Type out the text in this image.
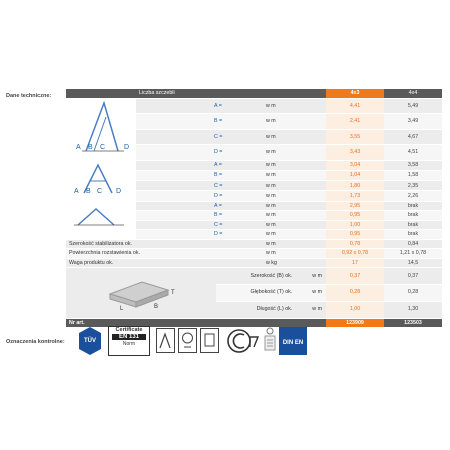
Dane techniczne:
		Liczba szczebli		4x3	4x4

A B C D	A =	w m	4,41	5,49
	B =	w m	2,41	3,49
	C =	w m	3,55	4,67
	D =	w m	3,43	4,51

A B C D	A =	w m	3,04	3,58
	B =	w m	1,04	1,58
	C =	w m	1,80	2,35
	D =	w m	1,73	2,26
	A =	w m	2,95	brak
	B =	w m	0,95	brak
	C =	w m	1,00	brak
	D =	w m	0,95	brak
Szerokość stabilizatora ok.		w m	0,78	0,84
Powierzchnia rozstawienia ok.		w m	0,92 x 0,78	1,21 x 0,78
Waga produktu ok.		w kg	17	14,5

T
L B		Szerokość (B) ok. w m	0,37	0,37
		Głębokość (T) ok. w m	0,28	0,28
		Długość (L) ok. w m	1,00	1,30
Nr art.			123909	123503
Oznaczenia kontrolne:	TÜV
Certificate
EN 131
Norm	DIN EN
